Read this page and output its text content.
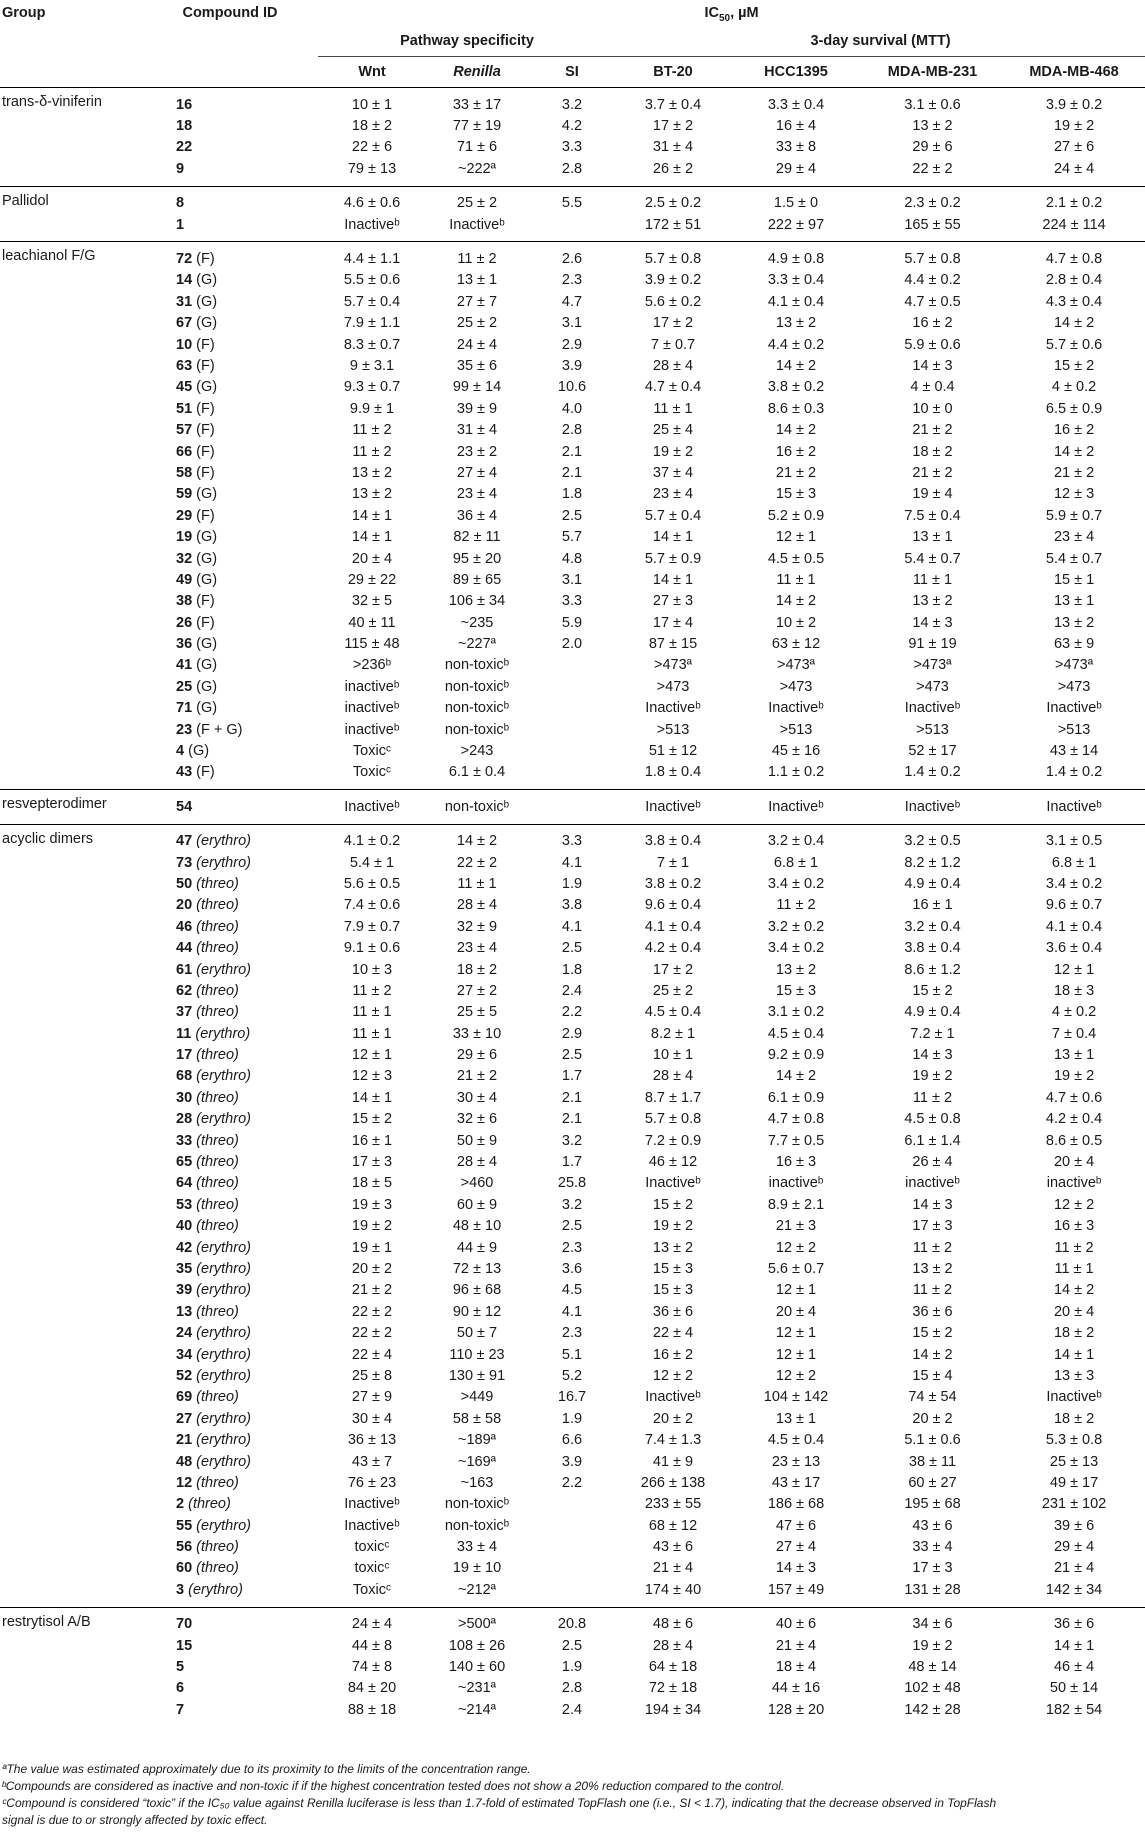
Group	Compound ID	$IC_{50}$, µM						
		Pathway specificity			3-day survival (MTT)			
		Wnt	Renilla	SI	BT-20	HCC1395	MDA-MB-231	MDA-MB-468
trans-δ-viniferin	16	10 ± 1	33 ± 17	3.2	3.7 ± 0.4	3.3 ± 0.4	3.1 ± 0.6	3.9 ± 0.2
	18	18 ± 2	77 ± 19	4.2	17 ± 2	16 ± 4	13 ± 2	19 ± 2
	22	22 ± 6	71 ± 6	3.3	31 ± 4	33 ± 8	29 ± 6	27 ± 6
	9	79 ± 13	~222ª	2.8	26 ± 2	29 ± 4	22 ± 2	24 ± 4
Pallidol	8	4.6 ± 0.6	25 ± 2	5.5	2.5 ± 0.2	1.5 ± 0	2.3 ± 0.2	2.1 ± 0.2
	1	Inactiveᵇ	Inactiveᵇ		172 ± 51	222 ± 97	165 ± 55	224 ± 114
leachianol F/G	72 (F)	4.4 ± 1.1	11 ± 2	2.6	5.7 ± 0.8	4.9 ± 0.8	5.7 ± 0.8	4.7 ± 0.8
	14 (G)	5.5 ± 0.6	13 ± 1	2.3	3.9 ± 0.2	3.3 ± 0.4	4.4 ± 0.2	2.8 ± 0.4
	31 (G)	5.7 ± 0.4	27 ± 7	4.7	5.6 ± 0.2	4.1 ± 0.4	4.7 ± 0.5	4.3 ± 0.4
	67 (G)	7.9 ± 1.1	25 ± 2	3.1	17 ± 2	13 ± 2	16 ± 2	14 ± 2
	10 (F)	8.3 ± 0.7	24 ± 4	2.9	7 ± 0.7	4.4 ± 0.2	5.9 ± 0.6	5.7 ± 0.6
	63 (F)	9 ± 3.1	35 ± 6	3.9	28 ± 4	14 ± 2	14 ± 3	15 ± 2
	45 (G)	9.3 ± 0.7	99 ± 14	10.6	4.7 ± 0.4	3.8 ± 0.2	4 ± 0.4	4 ± 0.2
	51 (F)	9.9 ± 1	39 ± 9	4.0	11 ± 1	8.6 ± 0.3	10 ± 0	6.5 ± 0.9
	57 (F)	11 ± 2	31 ± 4	2.8	25 ± 4	14 ± 2	21 ± 2	16 ± 2
	66 (F)	11 ± 2	23 ± 2	2.1	19 ± 2	16 ± 2	18 ± 2	14 ± 2
	58 (F)	13 ± 2	27 ± 4	2.1	37 ± 4	21 ± 2	21 ± 2	21 ± 2
	59 (G)	13 ± 2	23 ± 4	1.8	23 ± 4	15 ± 3	19 ± 4	12 ± 3
	29 (F)	14 ± 1	36 ± 4	2.5	5.7 ± 0.4	5.2 ± 0.9	7.5 ± 0.4	5.9 ± 0.7
	19 (G)	14 ± 1	82 ± 11	5.7	14 ± 1	12 ± 1	13 ± 1	23 ± 4
	32 (G)	20 ± 4	95 ± 20	4.8	5.7 ± 0.9	4.5 ± 0.5	5.4 ± 0.7	5.4 ± 0.7
	49 (G)	29 ± 22	89 ± 65	3.1	14 ± 1	11 ± 1	11 ± 1	15 ± 1
	38 (F)	32 ± 5	106 ± 34	3.3	27 ± 3	14 ± 2	13 ± 2	13 ± 1
	26 (F)	40 ± 11	~235	5.9	17 ± 4	10 ± 2	14 ± 3	13 ± 2
	36 (G)	115 ± 48	~227ª	2.0	87 ± 15	63 ± 12	91 ± 19	63 ± 9
	41 (G)	>236ᵇ	non-toxicᵇ		>473ª	>473ª	>473ª	>473ª
	25 (G)	inactiveᵇ	non-toxicᵇ		>473	>473	>473	>473
	71 (G)	inactiveᵇ	non-toxicᵇ		Inactiveᵇ	Inactiveᵇ	Inactiveᵇ	Inactiveᵇ
	23 (F + G)	inactiveᵇ	non-toxicᵇ		>513	>513	>513	>513
	4 (G)	Toxicᶜ	>243		51 ± 12	45 ± 16	52 ± 17	43 ± 14
	43 (F)	Toxicᶜ	6.1 ± 0.4		1.8 ± 0.4	1.1 ± 0.2	1.4 ± 0.2	1.4 ± 0.2
resvepterodimer	54	Inactiveᵇ	non-toxicᵇ		Inactiveᵇ	Inactiveᵇ	Inactiveᵇ	Inactiveᵇ
acyclic dimers	47 (erythro)	4.1 ± 0.2	14 ± 2	3.3	3.8 ± 0.4	3.2 ± 0.4	3.2 ± 0.5	3.1 ± 0.5
	73 (erythro)	5.4 ± 1	22 ± 2	4.1	7 ± 1	6.8 ± 1	8.2 ± 1.2	6.8 ± 1
	50 (threo)	5.6 ± 0.5	11 ± 1	1.9	3.8 ± 0.2	3.4 ± 0.2	4.9 ± 0.4	3.4 ± 0.2
	20 (threo)	7.4 ± 0.6	28 ± 4	3.8	9.6 ± 0.4	11 ± 2	16 ± 1	9.6 ± 0.7
	46 (threo)	7.9 ± 0.7	32 ± 9	4.1	4.1 ± 0.4	3.2 ± 0.2	3.2 ± 0.4	4.1 ± 0.4
	44 (threo)	9.1 ± 0.6	23 ± 4	2.5	4.2 ± 0.4	3.4 ± 0.2	3.8 ± 0.4	3.6 ± 0.4
	61 (erythro)	10 ± 3	18 ± 2	1.8	17 ± 2	13 ± 2	8.6 ± 1.2	12 ± 1
	62 (threo)	11 ± 2	27 ± 2	2.4	25 ± 2	15 ± 3	15 ± 2	18 ± 3
	37 (threo)	11 ± 1	25 ± 5	2.2	4.5 ± 0.4	3.1 ± 0.2	4.9 ± 0.4	4 ± 0.2
	11 (erythro)	11 ± 1	33 ± 10	2.9	8.2 ± 1	4.5 ± 0.4	7.2 ± 1	7 ± 0.4
	17 (threo)	12 ± 1	29 ± 6	2.5	10 ± 1	9.2 ± 0.9	14 ± 3	13 ± 1
	68 (erythro)	12 ± 3	21 ± 2	1.7	28 ± 4	14 ± 2	19 ± 2	19 ± 2
	30 (threo)	14 ± 1	30 ± 4	2.1	8.7 ± 1.7	6.1 ± 0.9	11 ± 2	4.7 ± 0.6
	28 (erythro)	15 ± 2	32 ± 6	2.1	5.7 ± 0.8	4.7 ± 0.8	4.5 ± 0.8	4.2 ± 0.4
	33 (threo)	16 ± 1	50 ± 9	3.2	7.2 ± 0.9	7.7 ± 0.5	6.1 ± 1.4	8.6 ± 0.5
	65 (threo)	17 ± 3	28 ± 4	1.7	46 ± 12	16 ± 3	26 ± 4	20 ± 4
	64 (threo)	18 ± 5	>460	25.8	Inactiveᵇ	inactiveᵇ	inactiveᵇ	inactiveᵇ
	53 (threo)	19 ± 3	60 ± 9	3.2	15 ± 2	8.9 ± 2.1	14 ± 3	12 ± 2
	40 (threo)	19 ± 2	48 ± 10	2.5	19 ± 2	21 ± 3	17 ± 3	16 ± 3
	42 (erythro)	19 ± 1	44 ± 9	2.3	13 ± 2	12 ± 2	11 ± 2	11 ± 2
	35 (erythro)	20 ± 2	72 ± 13	3.6	15 ± 3	5.6 ± 0.7	13 ± 2	11 ± 1
	39 (erythro)	21 ± 2	96 ± 68	4.5	15 ± 3	12 ± 1	11 ± 2	14 ± 2
	13 (threo)	22 ± 2	90 ± 12	4.1	36 ± 6	20 ± 4	36 ± 6	20 ± 4
	24 (erythro)	22 ± 2	50 ± 7	2.3	22 ± 4	12 ± 1	15 ± 2	18 ± 2
	34 (erythro)	22 ± 4	110 ± 23	5.1	16 ± 2	12 ± 1	14 ± 2	14 ± 1
	52 (erythro)	25 ± 8	130 ± 91	5.2	12 ± 2	12 ± 2	15 ± 4	13 ± 3
	69 (threo)	27 ± 9	>449	16.7	Inactiveᵇ	104 ± 142	74 ± 54	Inactiveᵇ
	27 (erythro)	30 ± 4	58 ± 58	1.9	20 ± 2	13 ± 1	20 ± 2	18 ± 2
	21 (erythro)	36 ± 13	~189ª	6.6	7.4 ± 1.3	4.5 ± 0.4	5.1 ± 0.6	5.3 ± 0.8
	48 (erythro)	43 ± 7	~169ª	3.9	41 ± 9	23 ± 13	38 ± 11	25 ± 13
	12 (threo)	76 ± 23	~163	2.2	266 ± 138	43 ± 17	60 ± 27	49 ± 17
	2 (threo)	Inactiveᵇ	non-toxicᵇ		233 ± 55	186 ± 68	195 ± 68	231 ± 102
	55 (erythro)	Inactiveᵇ	non-toxicᵇ		68 ± 12	47 ± 6	43 ± 6	39 ± 6
	56 (threo)	toxicᶜ	33 ± 4		43 ± 6	27 ± 4	33 ± 4	29 ± 4
	60 (threo)	toxicᶜ	19 ± 10		21 ± 4	14 ± 3	17 ± 3	21 ± 4
	3 (erythro)	Toxicᶜ	~212ª		174 ± 40	157 ± 49	131 ± 28	142 ± 34
restrytisol A/B	70	24 ± 4	>500ª	20.8	48 ± 6	40 ± 6	34 ± 6	36 ± 6
	15	44 ± 8	108 ± 26	2.5	28 ± 4	21 ± 4	19 ± 2	14 ± 1
	5	74 ± 8	140 ± 60	1.9	64 ± 18	18 ± 4	48 ± 14	46 ± 4
	6	84 ± 20	~231ª	2.8	72 ± 18	44 ± 16	102 ± 48	50 ± 14
	7	88 ± 18	~214ª	2.4	194 ± 34	128 ± 20	142 ± 28	182 ± 54
ªThe value was estimated approximately due to its proximity to the limits of the concentration range.
ᵇCompounds are considered as inactive and non-toxic if if the highest concentration tested does not show a 20% reduction compared to the control.
ᶜCompound is considered “toxic” if the IC₅₀ value against Renilla luciferase is less than 1.7-fold of estimated TopFlash one (i.e., SI < 1.7), indicating that the decrease observed in TopFlash
signal is due to or strongly affected by toxic effect.
